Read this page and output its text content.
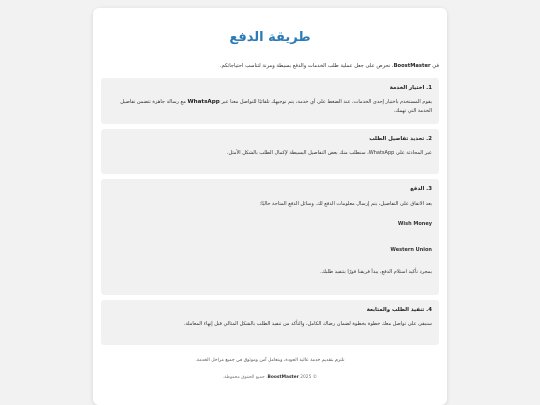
طريقة الدفع

في BoostMaster، نحرص على جعل عملية طلب الخدمات والدفع بسيطة ومرنة لتناسب احتياجاتكم.

1. اختيار الخدمة

يقوم المستخدم باختيار إحدى الخدمات، عند الضغط على أي خدمة، يتم توجيهك تلقائيًا للتواصل معنا عبر WhatsApp مع رسالة جاهزة تتضمن تفاصيل الخدمة التي تهمك.

2. تحديد تفاصيل الطلب

عبر المحادثة على WhatsApp، سنطلب منك بعض التفاصيل البسيطة لإكمال الطلب بالشكل الأمثل.

3. الدفع

بعد الاتفاق على التفاصيل، يتم إرسال معلومات الدفع لك. وسائل الدفع المتاحة حاليًا:

Wish Money

Western Union

بمجرد تأكيد استلام الدفع، يبدأ فريقنا فورًا بتنفيذ طلبك.

4. تنفيذ الطلب والمتابعة

سنبقى على تواصل معك خطوة بخطوة لضمان رضاك الكامل، والتأكد من تنفيذ الطلب بالشكل المثالي قبل إنهاء المعاملة.

نلتزم بتقديم خدمة عالية الجودة، وبتعامل آمن وموثوق في جميع مراحل الخدمة.

© 2025 BoostMaster. جميع الحقوق محفوظة.
